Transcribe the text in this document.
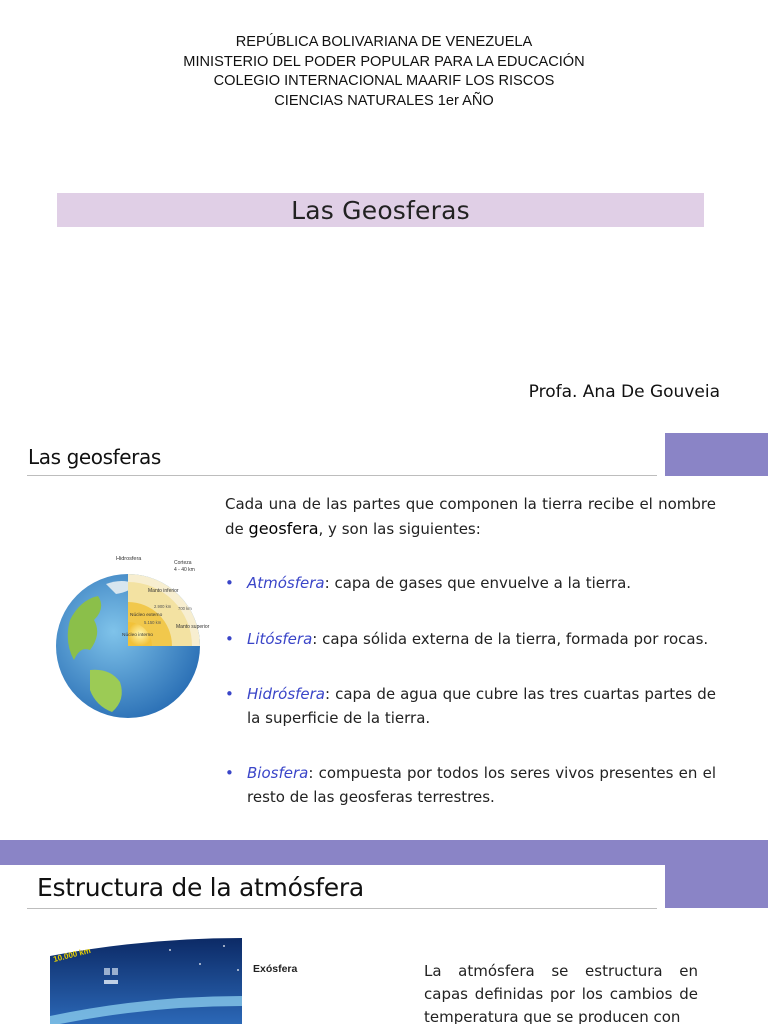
REPÚBLICA BOLIVARIANA DE VENEZUELA
MINISTERIO DEL PODER POPULAR PARA LA EDUCACIÓN
COLEGIO INTERNACIONAL MAARIF LOS RISCOS
CIENCIAS NATURALES 1er AÑO
Las Geosferas
Profa. Ana De Gouveia
Las geosferas

Cada una de las partes que componen la tierra recibe el nombre de geosfera, y son las siguientes:

• Atmósfera: capa de gases que envuelve a la tierra.
• Litósfera: capa sólida externa de la tierra, formada por rocas.
• Hidrósfera: capa de agua que cubre las tres cuartas partes de la superficie de la tierra.
• Biosfera: compuesta por todos los seres vivos presentes en el resto de las geosferas terrestres.
Hidrosfera
Corteza
4 - 40 km
Manto inferior
Núcleo externo
Núcleo interno
Manto superior
2.900 km
5.150 km
700 km
Estructura de la atmósfera
10.000 km
Exósfera	La atmósfera se estructura en capas definidas por los cambios de temperatura que se producen con
